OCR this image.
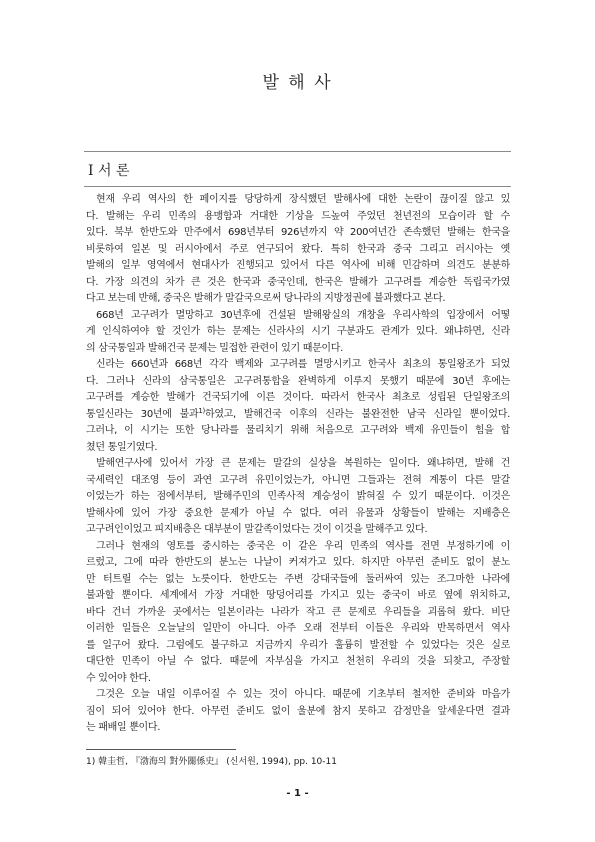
발 해 사
Ⅰ 서 론
현재 우리 역사의 한 페이지를 당당하게 장식했던 발해사에 대한 논란이 끊이질 않고 있
다. 발해는 우리 민족의 용맹함과 거대한 기상을 드높여 주었던 천년전의 모습이라 할 수
있다. 북부 한반도와 만주에서 698년부터 926년까지 약 200여년간 존속했던 발해는 한국을
비롯하여 일본 및 러시아에서 주로 연구되어 왔다. 특히 한국과 중국 그리고 러시아는 옛
발해의 일부 영역에서 현대사가 진행되고 있어서 다른 역사에 비해 민감하며 의견도 분분하
다. 가장 의견의 차가 큰 것은 한국과 중국인데, 한국은 발해가 고구려를 계승한 독립국가였
다고 보는데 반해, 중국은 발해가 말갈국으로써 당나라의 지방정권에 불과했다고 본다.
668년 고구려가 멸망하고 30년후에 건설된 발해왕실의 개창을 우리사학의 입장에서 어떻
게 인식하여야 할 것인가 하는 문제는 신라사의 시기 구분과도 관계가 있다. 왜냐하면, 신라
의 삼국통일과 발해건국 문제는 밀접한 관련이 있기 때문이다.
신라는 660년과 668년 각각 백제와 고구려를 멸망시키고 한국사 최초의 통일왕조가 되었
다. 그러나 신라의 삼국통일은 고구려통합을 완벽하게 이루지 못했기 때문에 30년 후에는
고구려를 계승한 발해가 건국되기에 이른 것이다. 따라서 한국사 최초로 성립된 단일왕조의
통일신라는 30년에 불과$^{1)}$하였고, 발해건국 이후의 신라는 불완전한 남국 신라일 뿐이었다.
그러나, 이 시기는 또한 당나라를 물리치기 위해 처음으로 고구려와 백제 유민들이 힘을 합
쳤던 통일기였다.
발해연구사에 있어서 가장 큰 문제는 말갈의 실상을 복원하는 일이다. 왜냐하면, 발해 건
국세력인 대조영 등이 과연 고구려 유민이었는가, 아니면 그들과는 전혀 계통이 다른 말갈
이었는가 하는 점에서부터, 발해주민의 민족사적 계승성이 밝혀질 수 있기 때문이다. 이것은
발해사에 있어 가장 중요한 문제가 아닐 수 없다. 여러 유물과 상황들이 발해는 지배층은
고구려인이었고 피지배층은 대부분이 말갈족이었다는 것이 이것을 말해주고 있다.
그러나 현재의 영토를 중시하는 중국은 이 같은 우리 민족의 역사를 전면 부정하기에 이
르렀고, 그에 따라 한반도의 분노는 나날이 커져가고 있다. 하지만 아무런 준비도 없이 분노
만 터트릴 수는 없는 노릇이다. 한반도는 주변 강대국들에 둘러싸여 있는 조그마한 나라에
불과할 뿐이다. 세계에서 가장 거대한 땅덩어리를 가지고 있는 중국이 바로 옆에 위치하고,
바다 건너 가까운 곳에서는 일본이라는 나라가 작고 큰 문제로 우리들을 괴롭혀 왔다. 비단
이러한 일들은 오늘날의 일만이 아니다. 아주 오래 전부터 이들은 우리와 반목하면서 역사
를 일구어 왔다. 그럼에도 불구하고 지금까지 우리가 훌륭히 발전할 수 있었다는 것은 실로
대단한 민족이 아닐 수 없다. 때문에 자부심을 가지고 천천히 우리의 것을 되찾고, 주장할
수 있어야 한다.
그것은 오늘 내일 이루어질 수 있는 것이 아니다. 때문에 기초부터 철저한 준비와 마음가
짐이 되어 있어야 한다. 아무런 준비도 없이 울분에 참지 못하고 감정만을 앞세운다면 결과
는 패배일 뿐이다.
1) 韓圭哲, 『渤海의 對外關係史』 (신서원, 1994), pp. 10-11
- 1 -
